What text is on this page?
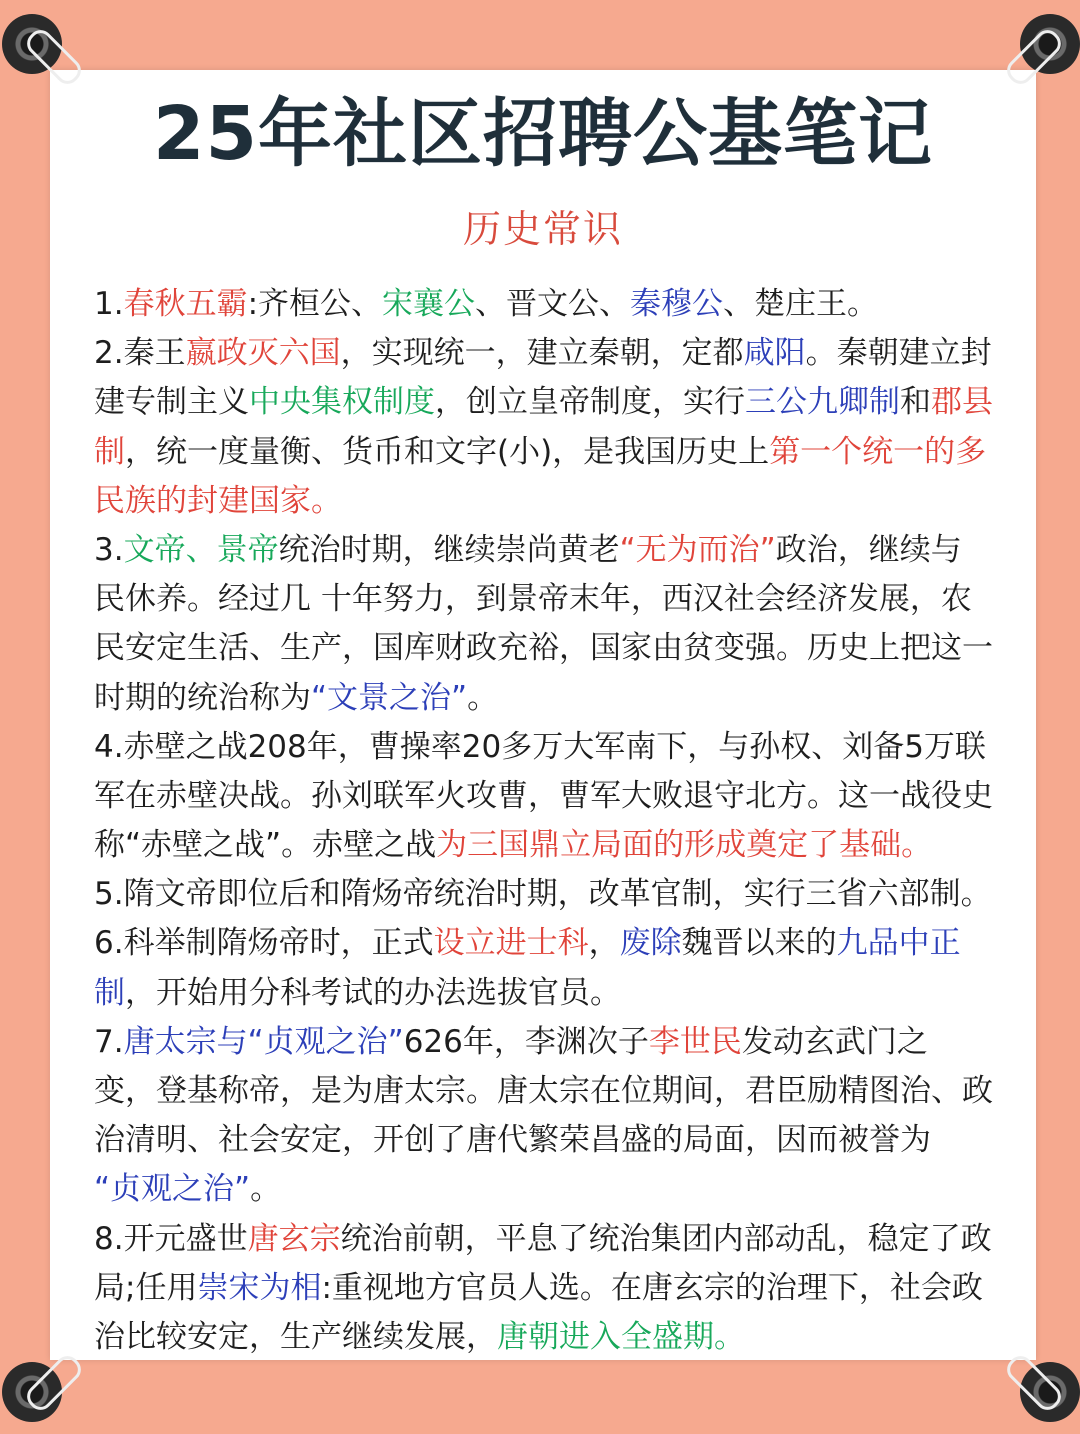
25年社区招聘公基笔记
历史常识
1.春秋五霸:齐桓公、宋襄公、晋文公、秦穆公、楚庄王。
2.秦王嬴政灭六国，实现统一，建立秦朝，定都咸阳。秦朝建立封
建专制主义中央集权制度，创立皇帝制度，实行三公九卿制和郡县
制，统一度量衡、货币和文字(小)，是我国历史上第一个统一的多
民族的封建国家。
3.文帝、景帝统治时期，继续崇尚黄老“无为而治”政治，继续与
民休养。经过几 十年努力，到景帝末年，西汉社会经济发展，农
民安定生活、生产，国库财政充裕，国家由贫变强。历史上把这一
时期的统治称为“文景之治”。
4.赤壁之战208年，曹操率20多万大军南下，与孙权、刘备5万联
军在赤壁决战。孙刘联军火攻曹，曹军大败退守北方。这一战役史
称“赤壁之战”。赤壁之战为三国鼎立局面的形成奠定了基础。
5.隋文帝即位后和隋炀帝统治时期，改革官制，实行三省六部制。
6.科举制隋炀帝时，正式设立进士科，废除魏晋以来的九品中正
制，开始用分科考试的办法选拔官员。
7.唐太宗与“贞观之治”626年，李渊次子李世民发动玄武门之
变，登基称帝，是为唐太宗。唐太宗在位期间，君臣励精图治、政
治清明、社会安定，开创了唐代繁荣昌盛的局面，因而被誉为
“贞观之治”。
8.开元盛世唐玄宗统治前朝，平息了统治集团内部动乱，稳定了政
局;任用崇宋为相:重视地方官员人选。在唐玄宗的治理下，社会政
治比较安定，生产继续发展，唐朝进入全盛期。
